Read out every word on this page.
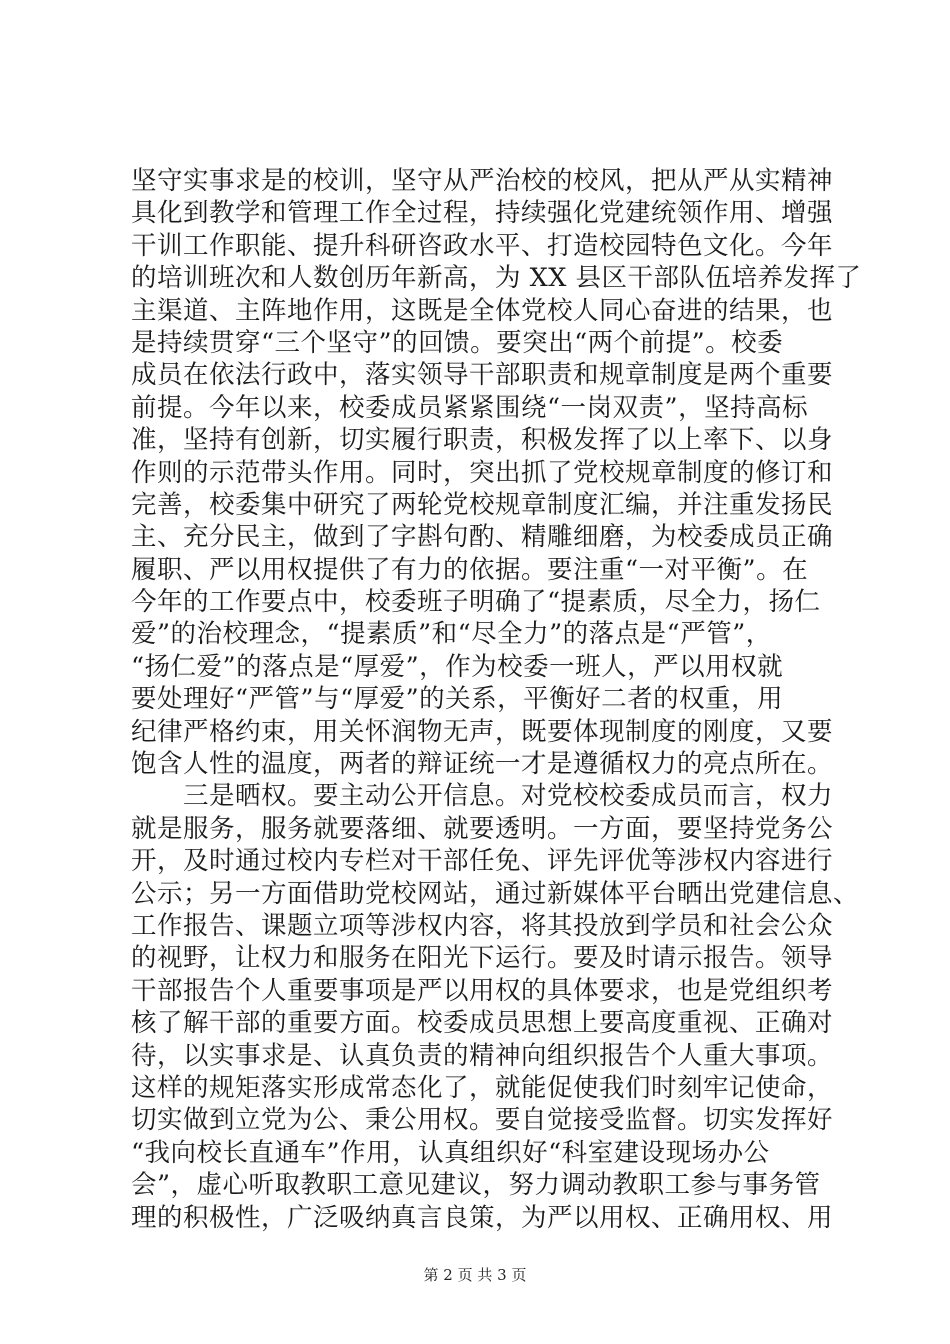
坚守实事求是的校训，坚守从严治校的校风，把从严从实精神
具化到教学和管理工作全过程，持续强化党建统领作用、增强
干训工作职能、提升科研咨政水平、打造校园特色文化。今年
的培训班次和人数创历年新高，为 XX 县区干部队伍培养发挥了
主渠道、主阵地作用，这既是全体党校人同心奋进的结果，也
是持续贯穿“三个坚守”的回馈。要突出“两个前提”。校委
成员在依法行政中，落实领导干部职责和规章制度是两个重要
前提。今年以来，校委成员紧紧围绕“一岗双责”，坚持高标
准，坚持有创新，切实履行职责，积极发挥了以上率下、以身
作则的示范带头作用。同时，突出抓了党校规章制度的修订和
完善，校委集中研究了两轮党校规章制度汇编，并注重发扬民
主、充分民主，做到了字斟句酌、精雕细磨，为校委成员正确
履职、严以用权提供了有力的依据。要注重“一对平衡”。在
今年的工作要点中，校委班子明确了“提素质，尽全力，扬仁
爱”的治校理念，“提素质”和“尽全力”的落点是“严管”，
“扬仁爱”的落点是“厚爱”，作为校委一班人，严以用权就
要处理好“严管”与“厚爱”的关系，平衡好二者的权重，用
纪律严格约束，用关怀润物无声，既要体现制度的刚度，又要
饱含人性的温度，两者的辩证统一才是遵循权力的亮点所在。
三是晒权。要主动公开信息。对党校校委成员而言，权力
就是服务，服务就要落细、就要透明。一方面，要坚持党务公
开，及时通过校内专栏对干部任免、评先评优等涉权内容进行
公示；另一方面借助党校网站，通过新媒体平台晒出党建信息、
工作报告、课题立项等涉权内容，将其投放到学员和社会公众
的视野，让权力和服务在阳光下运行。要及时请示报告。领导
干部报告个人重要事项是严以用权的具体要求，也是党组织考
核了解干部的重要方面。校委成员思想上要高度重视、正确对
待，以实事求是、认真负责的精神向组织报告个人重大事项。
这样的规矩落实形成常态化了，就能促使我们时刻牢记使命，
切实做到立党为公、秉公用权。要自觉接受监督。切实发挥好
“我向校长直通车”作用，认真组织好“科室建设现场办公
会”，虚心听取教职工意见建议，努力调动教职工参与事务管
理的积极性，广泛吸纳真言良策，为严以用权、正确用权、用
第 2 页 共 3 页
